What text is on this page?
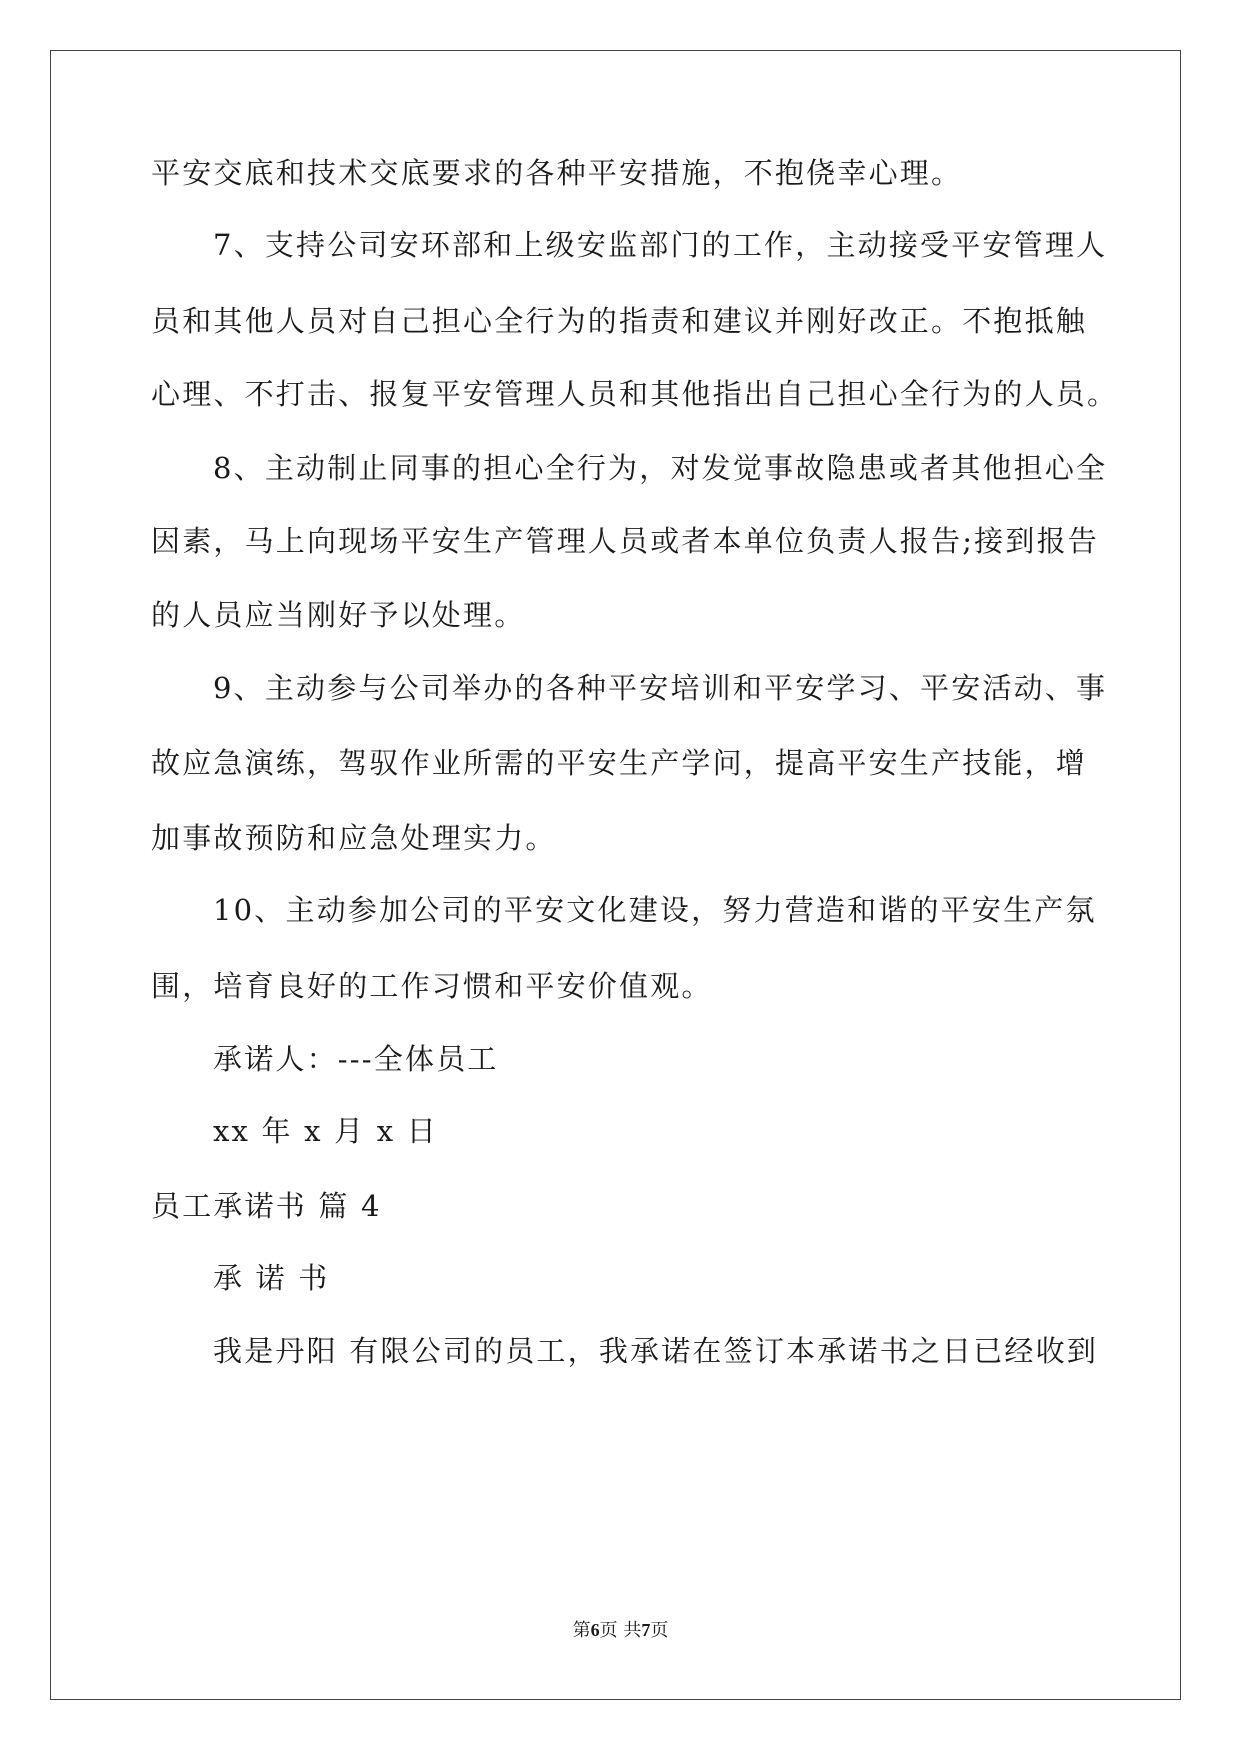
平安交底和技术交底要求的各种平安措施，不抱侥幸心理。
7、支持公司安环部和上级安监部门的工作，主动接受平安管理人
员和其他人员对自己担心全行为的指责和建议并刚好改正。不抱抵触
心理、不打击、报复平安管理人员和其他指出自己担心全行为的人员。
8、主动制止同事的担心全行为，对发觉事故隐患或者其他担心全
因素，马上向现场平安生产管理人员或者本单位负责人报告;接到报告
的人员应当刚好予以处理。
9、主动参与公司举办的各种平安培训和平安学习、平安活动、事
故应急演练，驾驭作业所需的平安生产学问，提高平安生产技能，增
加事故预防和应急处理实力。
10、主动参加公司的平安文化建设，努力营造和谐的平安生产氛
围，培育良好的工作习惯和平安价值观。
承诺人：---全体员工
xx 年 x 月 x 日
员工承诺书 篇 4
承 诺 书
我是丹阳 有限公司的员工，我承诺在签订本承诺书之日已经收到
第6页 共7页
